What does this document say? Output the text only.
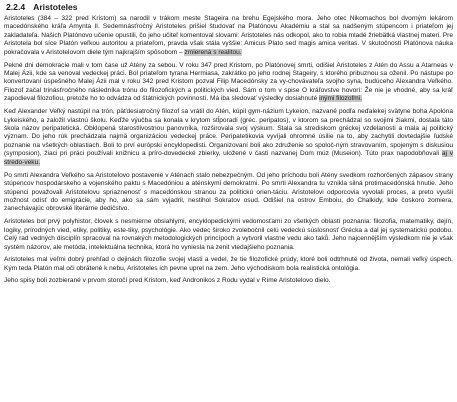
2.2.4 Aristoteles

Aristoteles (384 – 322 pred Kristom) sa narodil v trákom meste Stageira na brehu Egejského mora. Jeho otec Nikomachos bol dvorným lekárom macedónského kráľa Amynta II. Sedemnásťročný Aristoteles prišiel študovať na Platónovu Akadémiu a stal sa nadšeným stúpencom i priateľom jej zakladateľa. Našich Platónovo učenie opustili, čo jeho učiteľ komentoval slovami: Aristoteles nás odkopol, ako to robia mladé žriebätká vlastnej materi. Pre Aristotela bol síce Platón veľkou autoritou a priateľom, pravda však stála vyššie: Amicus Plato sed magis amica veritas. V skutočnosti Platónova náuka pokračovala v Aristotelovom diele tým najkrajším spôsobom – zmierená s realitou.

Pekné dni demokracie mali v tom čase už Atény za sebou. V roku 347 pred Kristom, po Platónovej smrti, odišiel Aristoteles z Atén do Assu a Atarneas v Malej Ázii, kde sa venoval vedeckej práci. Bol priateľom tyrana Hermiasa, zakrátko po jeho rodnej Stageiry, s ktorého pribuznou sa oženil. Po nástupe po konvertovaní úspešného Malej Ázii mal v roku 342 pred Kristom pozval Filip Macedónsky za vy-chovávateľa svojho syna, budúceho Alexandra Veľkého. Filozof začal trinásťročného následníka trónu do filozofických a politických vied. Sám o tom v spise O kráľovstve hovorí: Že nie je vhodné, aby sa kráľ zapodieval filozofiou, pretože ho to odvádza od štátnických povinností. Má iba sledovať výsledky dosiahnuté inými filozofmi.

Keď Alexander Veľký nastúpil na trón, päťdesiatročný filozof sa vrátil do Atén, kúpil gym-názium Lykeion, nazvané podľa neďalekej svätyne boha Apolóna Lykeiského, a založil vlastnú školu. Keďže výučba sa konala v krytom stĺporadí (gréc. peripatos), v ktorom sa prechádzal so svojimi žiakmi, dostala táto škola názov peripatetická. Obklopená starostlivostnou panovníka, rozširovala svoj výskum. Stala sa strediskom gréckej vzdelanosti a mala aj politický význam. Do jeho rúk prechádzala najmä organizáciou vedeckej práce. Peripatetikovia vyvíjali ohromné úsilie na to, aby zachytili dovtedajšie ľudské poznanie na všetkých oblastiach. Boli to prví európski encyklopedisti. Organizovaní boli ako združenie so spoloč-ným stravovaním, spojeným s diskusiou (symposion), žiaci pri práci používali knižnicu a príro-dovedecké zbierky, uložené v časti nazvanej Dom múz (Museion). Túto prax napodobňovali aj v stredo-veku.

Po smrti Alexandra Veľkého sa Aristotelovo postavenie v Aténach stalo nebezpečným. Od jeho príchodu boli Atény svedkom rozhorčených zápasov strany stúpencov hospodárskeho a vojenského paktu s Macedóniou a aténskymi demokratmi. Po smrti Alexandra tu vznikla silná protimacedónská hnutie. Jeho stúpenci považovali Aristotelovu spriaznenosť s macedónskou stranou za politickú orien-táciu. Aristotelovi odporcovia vyvolali proces, a preto vyušli možnost odísť do emigrácie, aby ho, ako sa sám vyjadril, nestihol Sokratov osud. Odišiel na ostrov Emboiu, do Chalkidy, kde čoskoro zomiera, zanechávajúc obrovské literárne dedičstvo.

Aristoteles bol prvý polyhistor, človek s nesmierne obsiahlymi, encyklopedickými vedomosťami zo všetkých oblastí poznania: filozofia, matematiky, dejín, logiky, prírodných vied, etiky, politiky, este-tiky, psychológie. Ako vedec široko zvolebočnil celú vedeckú súslosnosť Grécka a dal jej systematickú podobu. Celý rad vedných disciplín spracoval na rovnakých metodologických princípoch a vytvoril vlastne vedu ako taků. Jeho najcennějším výsledkom nie je však systém názorov, ale metóda, intelektuálna technika, ktorá ho vyniesla na zenit vtedajšieho poznania.

Aristoteles mal veľmi dobrý prehľad o dejinách filozofie svojej vlasti a vedel, že tie filozofické prúdy, ktoré boli odtrhnuté od života, nemali veľký úspech. Kým teda Platón mal oči obrátené k nebu, Aristoteles ich pevne uprel na zem. Jeho východiskom bola realistická ontológia.

Jeho spisy boli zozbierané v prvom storočí pred Kristom, keď Andronikos z Rodu vydal v Ríme Aristotelovo dielo.
